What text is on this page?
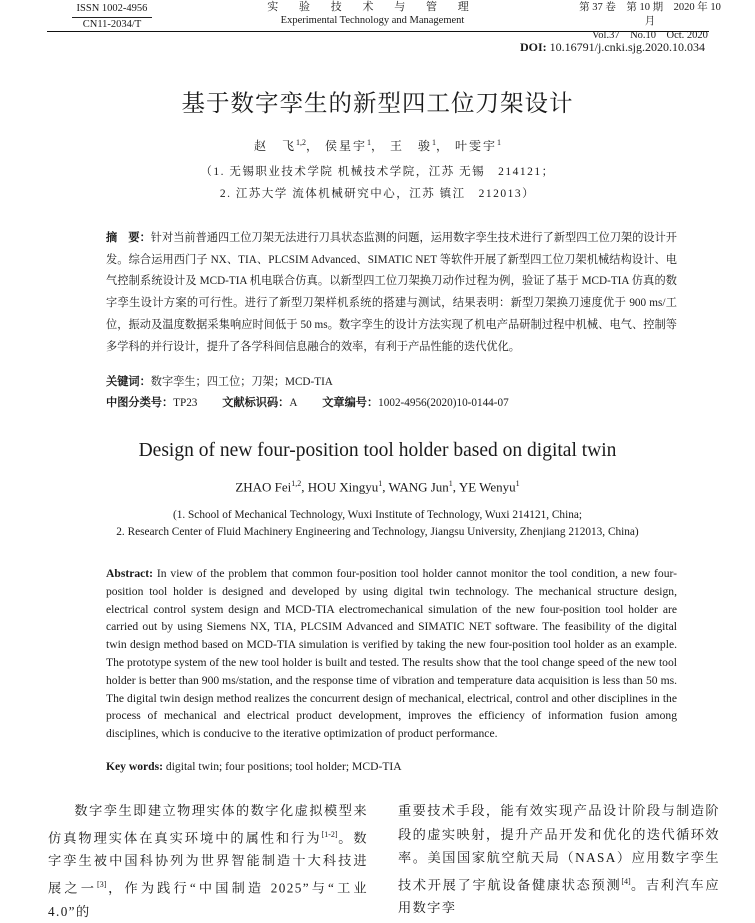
ISSN 1002-4956
CN11-2034/T
实 验 技 术 与 管 理
Experimental Technology and Management
第 37 卷　第 10 期　2020 年 10 月
Vol.37　No.10　Oct. 2020
DOI: 10.16791/j.cnki.sjg.2020.10.034
基于数字孪生的新型四工位刀架设计
赵　飞$^{1,2}$， 侯星宇$^1$， 王　骏$^1$， 叶雯宇$^1$
（1. 无锡职业技术学院 机械技术学院，江苏 无锡　214121；
2. 江苏大学 流体机械研究中心，江苏 镇江　212013）
摘　要：针对当前普通四工位刀架无法进行刀具状态监测的问题，运用数字孪生技术进行了新型四工位刀架的设计开发。综合运用西门子 NX、TIA、PLCSIM Advanced、SIMATIC NET 等软件开展了新型四工位刀架机械结构设计、电气控制系统设计及 MCD-TIA 机电联合仿真。以新型四工位刀架换刀动作过程为例，验证了基于 MCD-TIA 仿真的数字孪生设计方案的可行性。进行了新型刀架样机系统的搭建与测试，结果表明：新型刀架换刀速度优于 900 ms/工位，振动及温度数据采集响应时间低于 50 ms。数字孪生的设计方法实现了机电产品研制过程中机械、电气、控制等多学科的并行设计，提升了各学科间信息融合的效率，有利于产品性能的迭代优化。
关键词：数字孪生；四工位；刀架；MCD-TIA
中图分类号：TP23 文献标识码：A 文章编号：1002-4956(2020)10-0144-07
Design of new four-position tool holder based on digital twin
ZHAO Fei$^{1,2}$, HOU Xingyu$^1$, WANG Jun$^1$, YE Wenyu$^1$
(1. School of Mechanical Technology, Wuxi Institute of Technology, Wuxi 214121, China;
2. Research Center of Fluid Machinery Engineering and Technology, Jiangsu University, Zhenjiang 212013, China)
Abstract: In view of the problem that common four-position tool holder cannot monitor the tool condition, a new four-position tool holder is designed and developed by using digital twin technology. The mechanical structure design, electrical control system design and MCD-TIA electromechanical simulation of the new four-position tool holder are carried out by using Siemens NX, TIA, PLCSIM Advanced and SIMATIC NET software. The feasibility of the digital twin design method based on MCD-TIA simulation is verified by taking the new four-position tool holder as an example. The prototype system of the new tool holder is built and tested. The results show that the tool change speed of the new tool holder is better than 900 ms/station, and the response time of vibration and temperature data acquisition is less than 50 ms. The digital twin design method realizes the concurrent design of mechanical, electrical, control and other disciplines in the process of mechanical and electrical product development, improves the efficiency of information fusion among disciplines, which is conducive to the iterative optimization of product performance.
Key words: digital twin; four positions; tool holder; MCD-TIA
数字孪生即建立物理实体的数字化虚拟模型来仿真物理实体在真实环境中的属性和行为[1-2]。数字孪生被中国科协列为世界智能制造十大科技进展之一[3]，作为践行“中国制造 2025”与“工业 4.0”的
重要技术手段，能有效实现产品设计阶段与制造阶段的虚实映射，提升产品开发和优化的迭代循环效率。美国国家航空航天局（NASA）应用数字孪生技术开展了宇航设备健康状态预测[4]。吉利汽车应用数字孪
